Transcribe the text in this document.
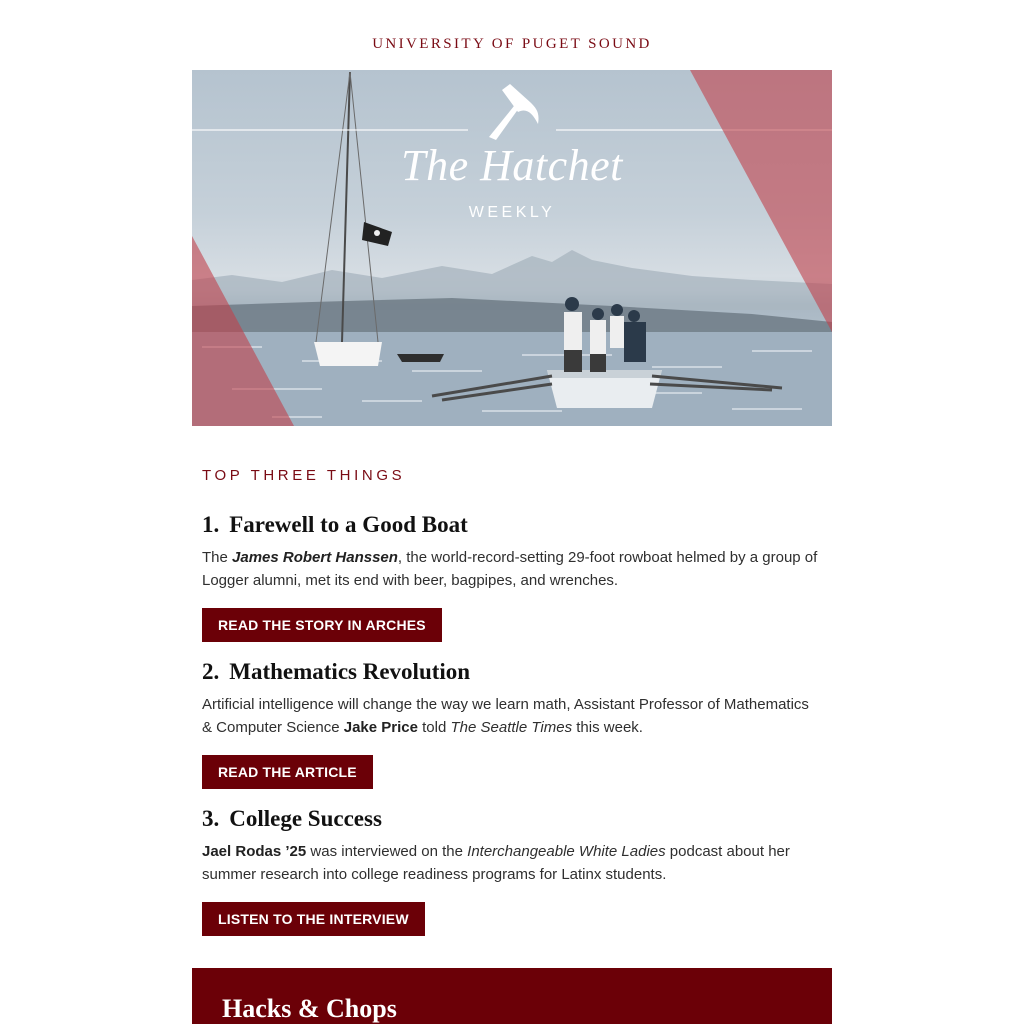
UNIVERSITY OF PUGET SOUND
The Hatchet
WEEKLY
TOP THREE THINGS
1. Farewell to a Good Boat

The James Robert Hanssen, the world-record-setting 29-foot rowboat helmed by a group of Logger alumni, met its end with beer, bagpipes, and wrenches.

READ THE STORY IN ARCHES
2. Mathematics Revolution

Artificial intelligence will change the way we learn math, Assistant Professor of Mathematics & Computer Science Jake Price told The Seattle Times this week.

READ THE ARTICLE
3. College Success

Jael Rodas ’25 was interviewed on the Interchangeable White Ladies podcast about her summer research into college readiness programs for Latinx students.

LISTEN TO THE INTERVIEW
Hacks & Chops
